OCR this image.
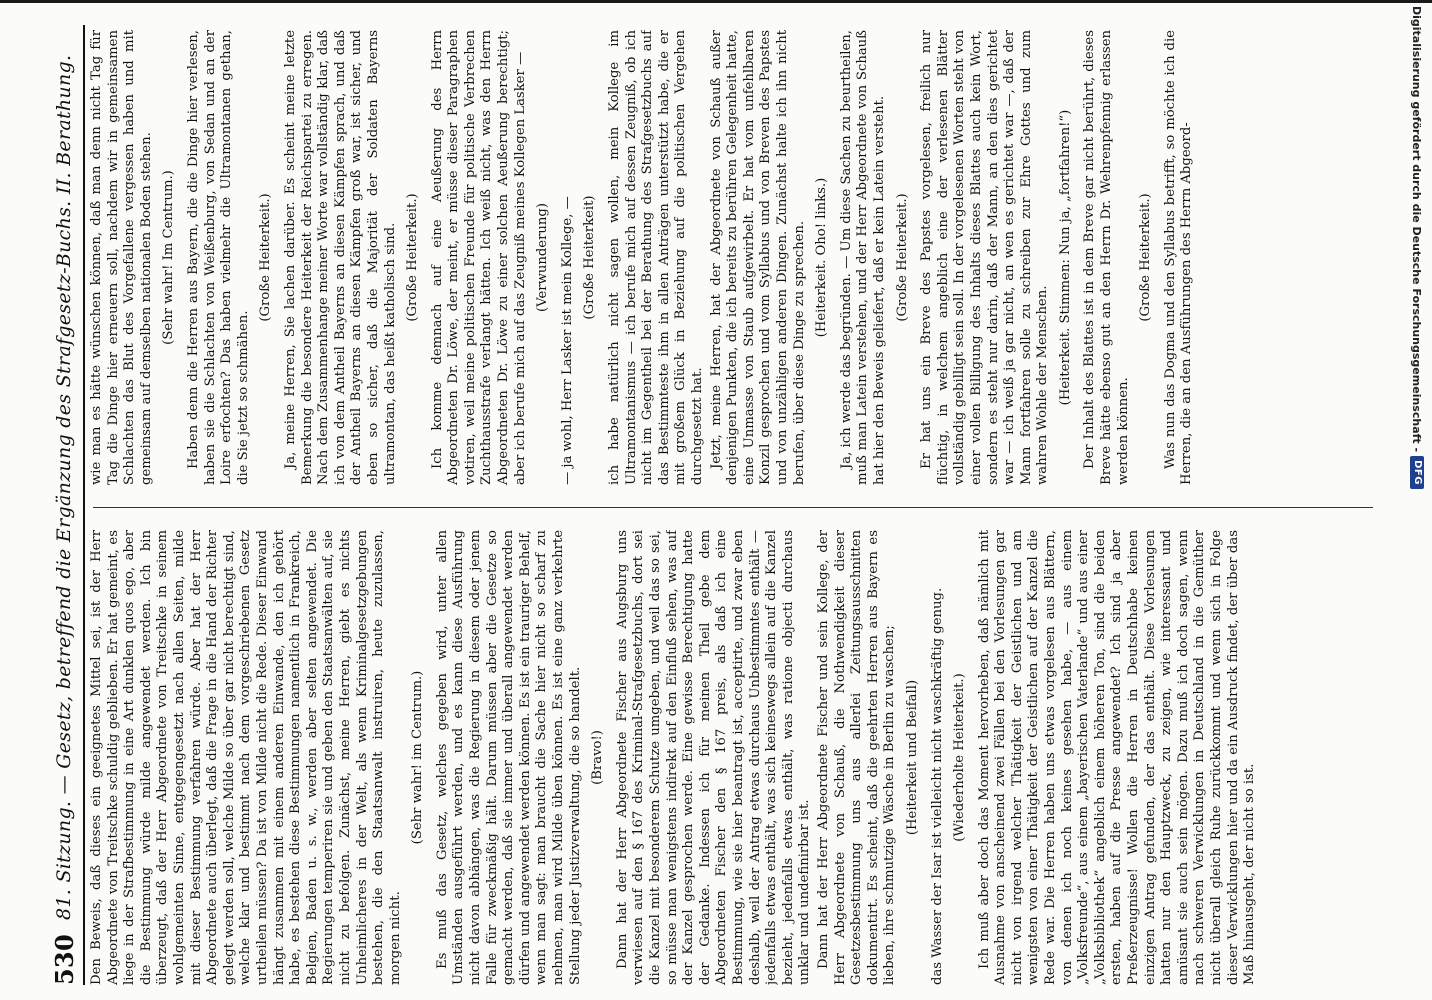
530
81. Sitzung. — Gesetz, betreffend die Ergänzung des Strafgesetz-Buchs. II. Berathung. Den Beweis, daß dieses ein geeignetes Mittel sei, ist der Herr Abgeordnete von Treitschke schuldig geblieben. Er hat gemeint, es liege in der Strafbestimmung in eine Art dunklen quos ego, aber die Bestimmung würde milde angewendet werden. Ich bin überzeugt, daß der Herr Abgeordnete von Treitschke in seinem wohlgemeinten Sinne, entgegengesetzt nach allen Seiten, milde mit dieser Bestimmung verfahren würde. Aber hat der Herr Abgeordnete auch überlegt, daß die Frage in die Hand der Richter gelegt werden soll, welche Milde so über gar nicht berechtigt sind, welche klar und bestimmt nach dem vorgeschriebenen Gesetz urtheilen müssen? Da ist von Milde nicht die Rede. Dieser Einwand hängt zusammen mit einem anderen Einwande, den ich gehört habe, es bestehen diese Bestimmungen namentlich in Frankreich, Belgien, Baden u. s. w., werden aber selten angewendet. Die Regierungen temperiren sie und geben den Staatsanwälten auf, sie nicht zu befolgen. Zunächst, meine Herren, giebt es nichts Unheimlicheres in der Welt, als wenn Kriminalgesetzgebungen bestehen, die den Staatsanwalt instruiren, heute zuzulassen, morgen nicht.

(Sehr wahr! im Centrum.) Es muß das Gesetz, welches gegeben wird, unter allen Umständen ausgeführt werden, und es kann diese Ausführung nicht davon abhängen, was die Regierung in diesem oder jenem Falle für zweckmäßig hält. Darum müssen aber die Gesetze so gemacht werden, daß sie immer und überall angewendet werden dürfen und angewendet werden können. Es ist ein trauriger Behelf, wenn man sagt: man braucht die Sache hier nicht so scharf zu nehmen, man wird Milde üben können. Es ist eine ganz verkehrte Stellung jeder Justizverwaltung, die so handelt. (Bravo!) Dann hat der Herr Abgeordnete Fischer aus Augsburg uns verwiesen auf den § 167 des Kriminal-Strafgesetzbuchs, dort sei die Kanzel mit besonderem Schutze umgeben, und weil das so sei, so müsse man wenigstens indirekt auf den Einfluß sehen, was auf der Kanzel gesprochen werde. Eine gewisse Berechtigung hatte der Gedanke. Indessen ich für meinen Theil gebe dem Abgeordneten Fischer den § 167 preis, als daß ich eine Bestimmung, wie sie hier beantragt ist, acceptirte, und zwar eben deshalb, weil der Antrag etwas durchaus Unbestimmtes enthält — jedenfalls etwas enthält, was sich keineswegs allein auf die Kanzel bezieht, jedenfalls etwas enthält, was ratione objecti durchaus unklar und undefinirbar ist. Dann hat der Herr Abgeordnete Fischer und sein Kollege, der Herr Abgeordnete von Schauß, die Nothwendigkeit dieser Gesetzesbestimmung uns aus allerlei Zeitungsausschnitten dokumentirt. Es scheint, daß die geehrten Herren aus Bayern es lieben, ihre schmutzige Wäsche in Berlin zu waschen; (Heiterkeit und Beifall) das Wasser der Isar ist vielleicht nicht waschkräftig genug. (Wiederholte Heiterkeit.) Ich muß aber doch das Moment hervorheben, daß nämlich mit Ausnahme von anscheinend zwei Fällen bei den Vorlesungen gar nicht von irgend welcher Thätigkeit der Geistlichen und am wenigsten von einer Thätigkeit der Geistlichen auf der Kanzel die Rede war. Die Herren haben uns etwas vorgelesen aus Blättern, von denen ich noch keines gesehen habe, — aus einem „Volksfreunde“, aus einem „bayerischen Vaterlande“ und aus einer „Volksbibliothek“ angeblich einem höheren Ton, sind die beiden ersten, haben auf die Presse angewendet? Ich sind ja aber Preßerzeugnisse! Wollen die Herren in Deutschhabe keinen einzigen Antrag gefunden, der das enthält. Diese Vorlesungen hatten nur den Hauptzweck, zu zeigen, wie interessant und amüsant sie auch sein mögen. Dazu muß ich doch sagen, wenn nach schweren Verwicklungen in Deutschland in die Gemüther nicht überall gleich Ruhe zurückkommt und wenn sich in Folge dieser Verwicklungen hier und da ein Ausdruck findet, der über das Maß hinausgeht, der nicht so ist.

wie man es hätte wünschen können, daß man denn nicht Tag für Tag die Dinge hier erneuern soll, nachdem wir in gemeinsamen Schlachten das Blut des Vorgefallene vergessen haben und mit gemeinsam auf demselben nationalen Boden stehen. (Sehr wahr! Im Centrum.) Haben denn die Herren aus Bayern, die die Dinge hier verlesen, haben sie die Schlachten von Weißenburg, von Sedan und an der Loire erfochten? Das haben vielmehr die Ultramontanen gethan, die Sie jetzt so schmähen.

(Große Heiterkeit.) Ja, meine Herren, Sie lachen darüber. Es scheint meine letzte Bemerkung die besondere Heiterkeit der Reichspartei zu erregen. Nach dem Zusammenhange meiner Worte war vollständig klar, daß ich von dem Antheil Bayerns an diesen Kämpfen sprach, und daß der Antheil Bayerns an diesen Kämpfen groß war, ist sicher, und eben so sicher, daß die Majorität der Soldaten Bayerns ultramontan, das heißt katholisch sind. (Große Heiterkeit.) Ich komme demnach auf eine Aeußerung des Herrn Abgeordneten Dr. Löwe, der meint, er müsse dieser Paragraphen votiren, weil meine politischen Freunde für politische Verbrechen Zuchthausstrafe verlangt hätten. Ich weiß nicht, was den Herrn Abgeordneten Dr. Löwe zu einer solchen Aeußerung berechtigt; aber ich berufe mich auf das Zeugniß meines Kollegen Lasker — (Verwunderung) — ja wohl, Herr Lasker ist mein Kollege, — (Große Heiterkeit) ich habe natürlich nicht sagen wollen, mein Kollege im Ultramontanismus — ich berufe mich auf dessen Zeugniß, ob ich nicht im Gegentheil bei der Berathung des Strafgesetzbuchs auf das Bestimmteste ihm in allen Anträgen unterstützt habe, die er mit großem Glück in Beziehung auf die politischen Vergehen durchgesetzt hat. Jetzt, meine Herren, hat der Abgeordnete von Schauß außer denjenigen Punkten, die ich bereits zu berühren Gelegenheit hatte, eine Unmasse von Staub aufgewirbelt. Er hat vom unfehlbaren Konzil gesprochen und vom Syllabus und von Breven des Papstes und von unzähligen anderen Dingen. Zunächst halte ich ihn nicht berufen, über diese Dinge zu sprechen. (Heiterkeit. Oho! links.) Ja, ich werde das begründen. — Um diese Sachen zu beurtheilen, muß man Latein verstehen, und der Herr Abgeordnete von Schauß hat hier den Beweis geliefert, daß er kein Latein versteht. (Große Heiterkeit.) Er hat uns ein Breve des Papstes vorgelesen, freilich nur flüchtig, in welchem angeblich eine der verlesenen Blätter vollständig gebilligt sein soll. In der vorgelesenen Worten steht von einer vollen Billigung des Inhalts dieses Blattes auch kein Wort, sondern es steht nur darin, daß der Mann, an den dies gerichtet war — ich weiß ja gar nicht, an wen es gerichtet war —, daß der Mann fortfahren solle zu schreiben zur Ehre Gottes und zum wahren Wohle der Menschen. (Heiterkeit. Stimmen: Nun ja, „fortfahren!“) Der Inhalt des Blattes ist in dem Breve gar nicht berührt, dieses Breve hätte ebenso gut an den Herrn Dr. Wehrenpfennig erlassen werden können.

(Große Heiterkeit.) Was nun das Dogma und den Syllabus betrifft, so möchte ich die Herren, die an den Ausführungen des Herrn Abgeord-	Digitalisierung gefördert durch die Deutsche Forschungsgemeinschaft -
DFG
